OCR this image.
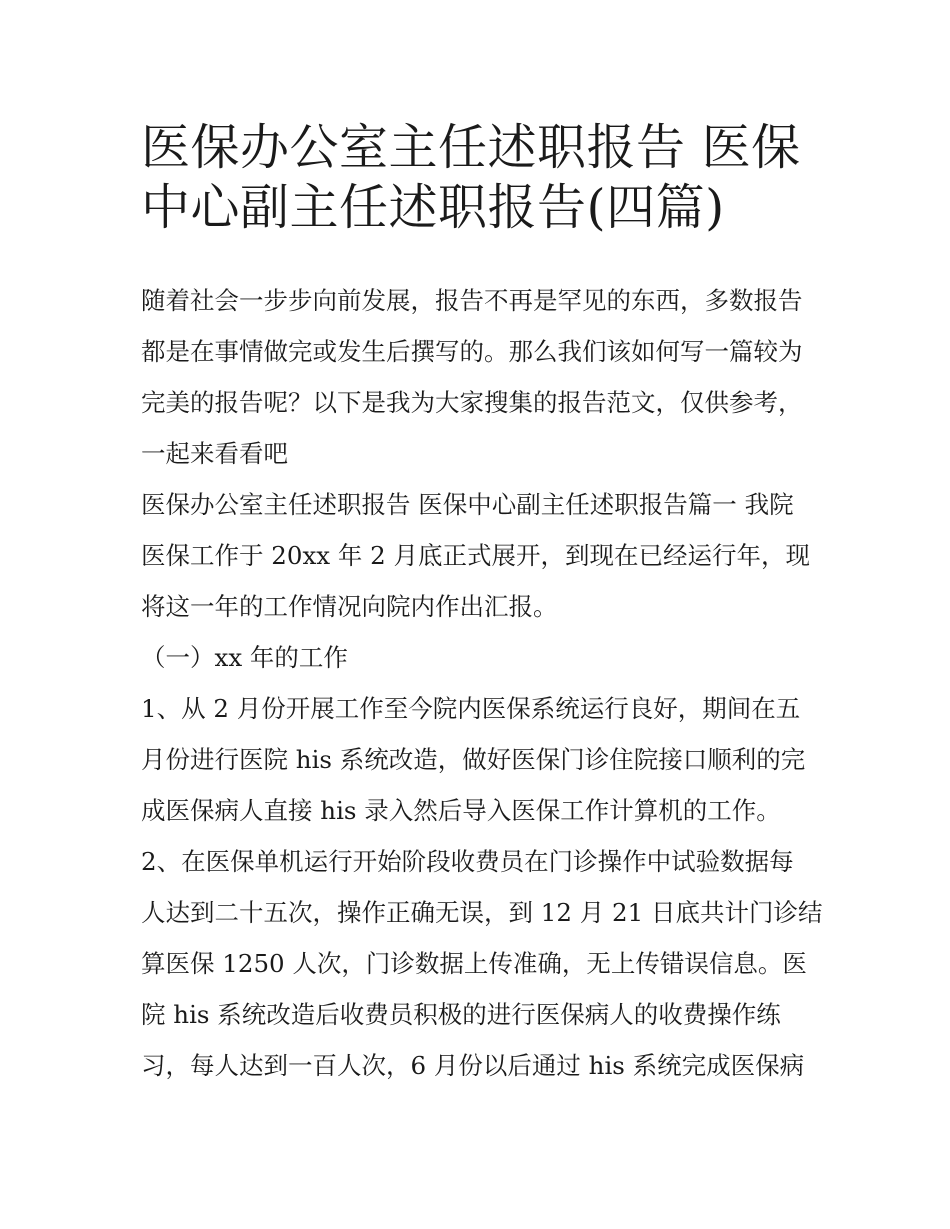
医保办公室主任述职报告 医保
中心副主任述职报告(四篇)

随着社会一步步向前发展，报告不再是罕见的东西，多数报告

都是在事情做完或发生后撰写的。那么我们该如何写一篇较为

完美的报告呢？以下是我为大家搜集的报告范文，仅供参考，

一起来看看吧

医保办公室主任述职报告 医保中心副主任述职报告篇一 我院

医保工作于 20xx 年 2 月底正式展开，到现在已经运行年，现

将这一年的工作情况向院内作出汇报。

（一）xx 年的工作

1、从 2 月份开展工作至今院内医保系统运行良好，期间在五

月份进行医院 his 系统改造，做好医保门诊住院接口顺利的完

成医保病人直接 his 录入然后导入医保工作计算机的工作。

2、在医保单机运行开始阶段收费员在门诊操作中试验数据每

人达到二十五次，操作正确无误，到 12 月 21 日底共计门诊结

算医保 1250 人次，门诊数据上传准确，无上传错误信息。医

院 his 系统改造后收费员积极的进行医保病人的收费操作练

习，每人达到一百人次，6 月份以后通过 his 系统完成医保病
